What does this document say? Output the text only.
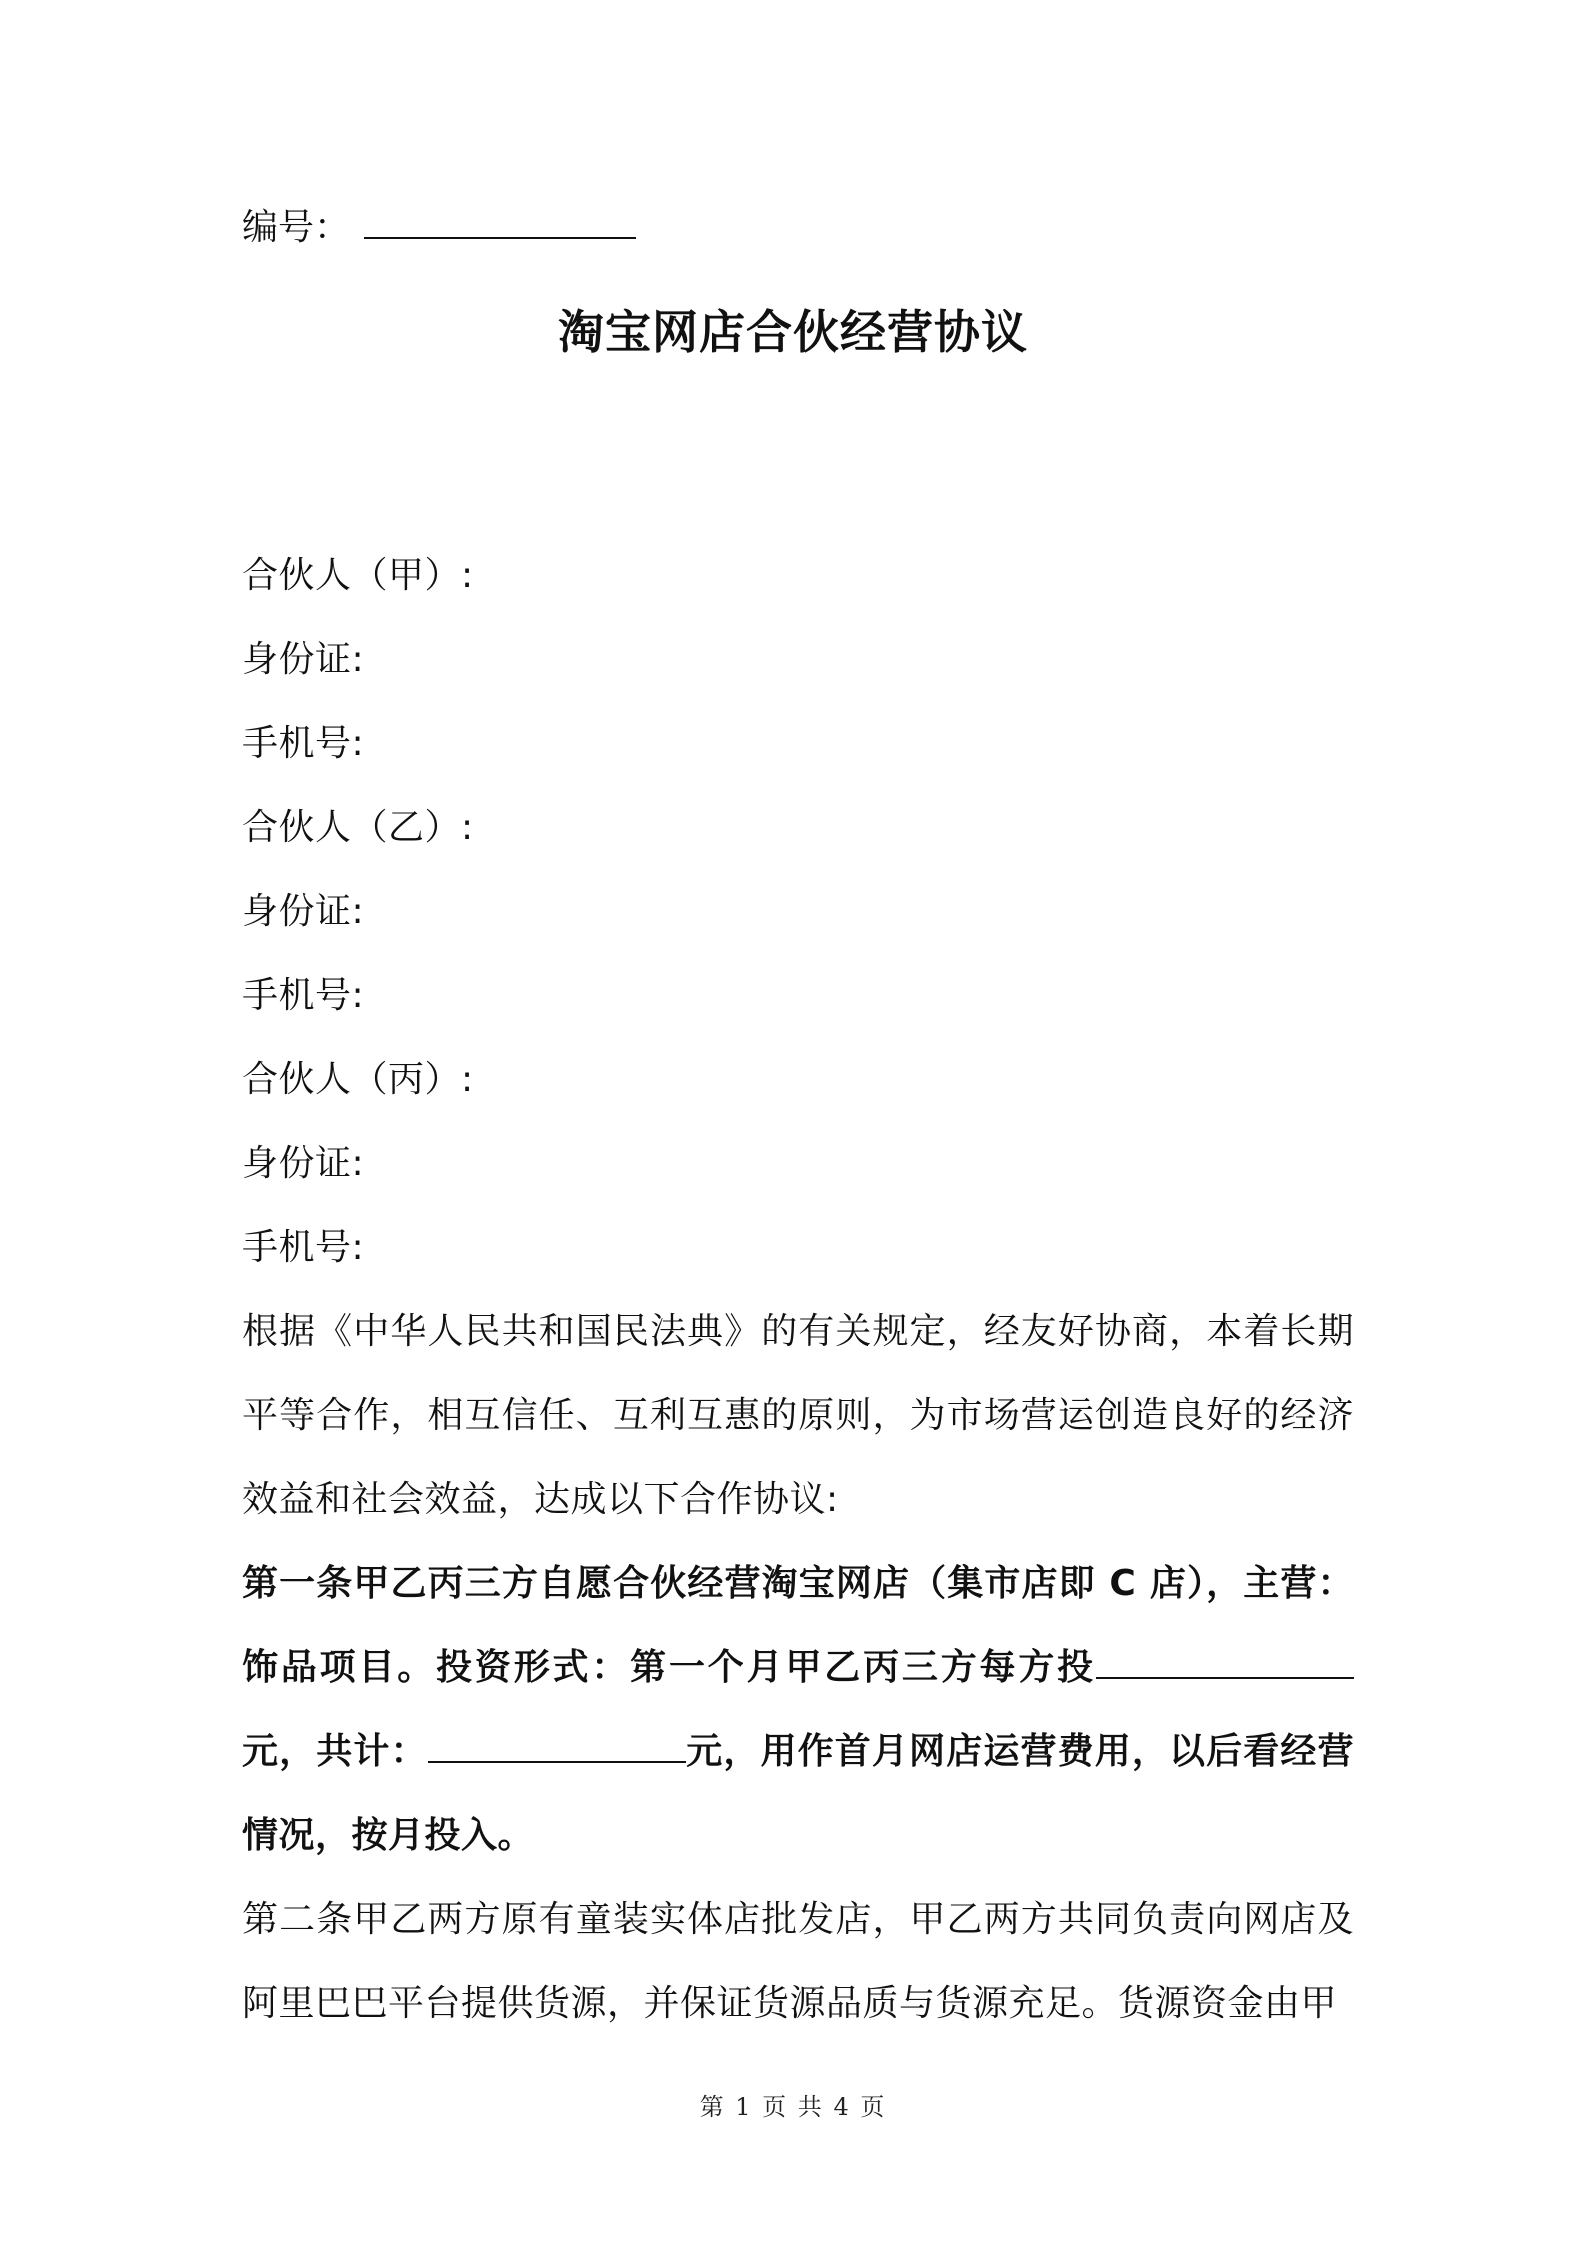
编号：
淘宝网店合伙经营协议
合伙人（甲）:
身份证:
手机号:
合伙人（乙）:
身份证:
手机号:
合伙人（丙）:
身份证:
手机号:
根据《中华人民共和国民法典》的有关规定，经友好协商，本着长期平等合作，相互信任、互利互惠的原则，为市场营运创造良好的经济效益和社会效益，达成以下合作协议:
第一条甲乙丙三方自愿合伙经营淘宝网店（集市店即 C 店），主营：饰品项目。投资形式：第一个月甲乙丙三方每方投元，共计：	元，用作首月网店运营费用，以后看经营情况，按月投入。
第二条甲乙两方原有童装实体店批发店，甲乙两方共同负责向网店及阿里巴巴平台提供货源，并保证货源品质与货源充足。货源资金由甲
第 1 页 共 4 页
